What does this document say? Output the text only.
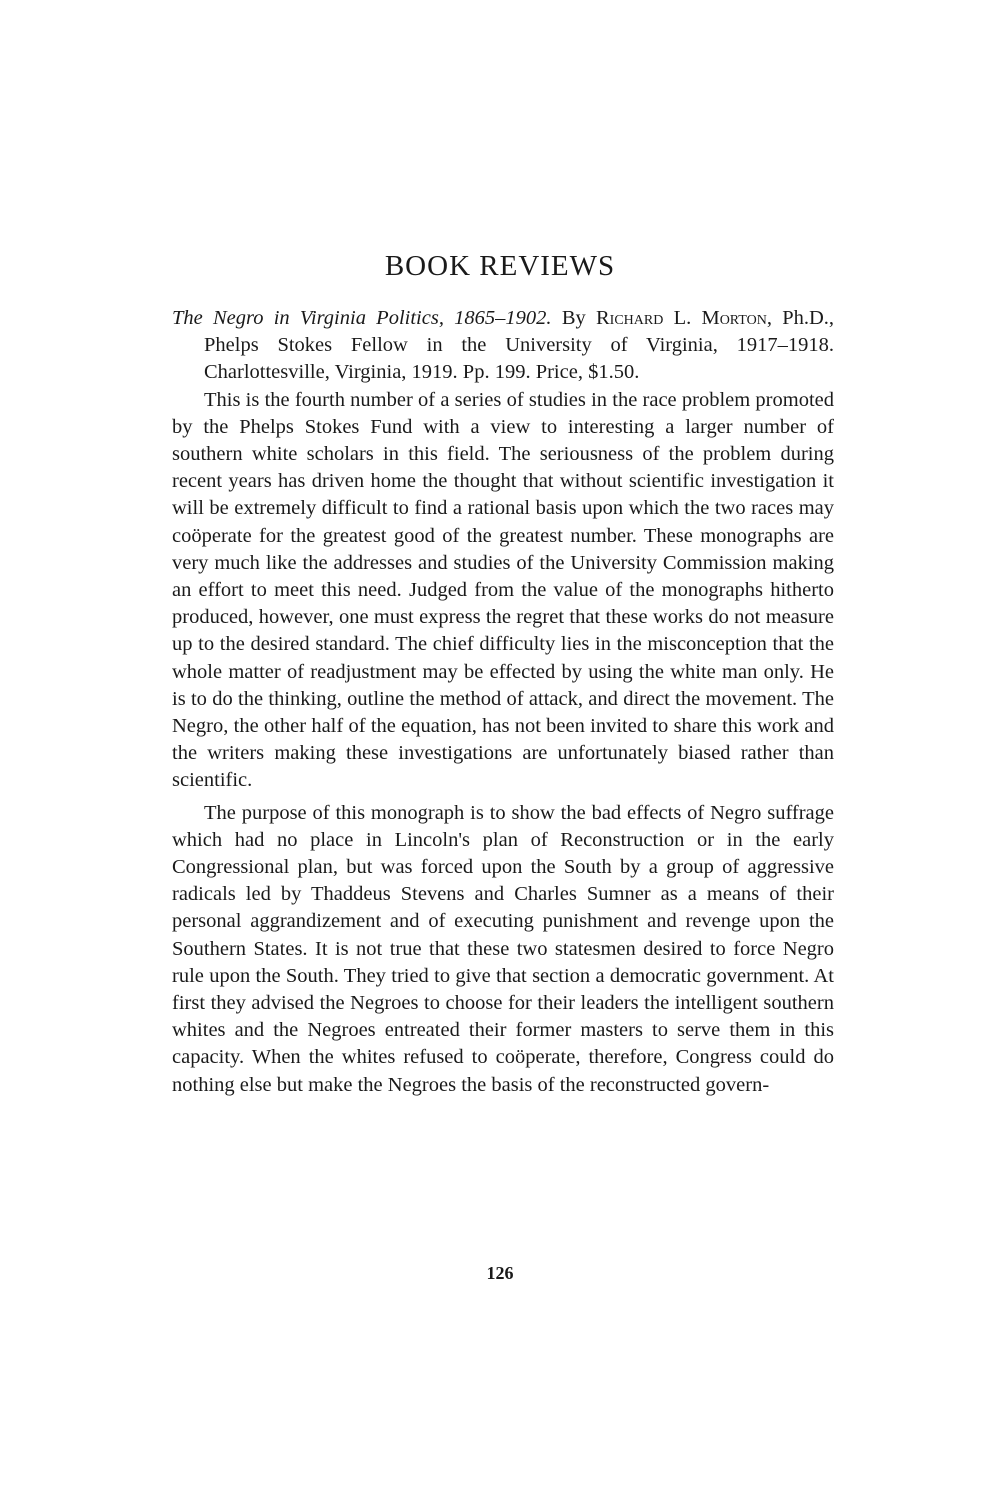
BOOK REVIEWS

The Negro in Virginia Politics, 1865–1902. By Richard L. Morton, Ph.D., Phelps Stokes Fellow in the University of Virginia, 1917–1918. Charlottesville, Virginia, 1919. Pp. 199. Price, $1.50.

This is the fourth number of a series of studies in the race problem promoted by the Phelps Stokes Fund with a view to interesting a larger number of southern white scholars in this field. The seriousness of the problem during recent years has driven home the thought that without scientific investigation it will be extremely difficult to find a rational basis upon which the two races may coöperate for the greatest good of the greatest number. These monographs are very much like the addresses and studies of the University Commission making an effort to meet this need. Judged from the value of the monographs hitherto produced, however, one must express the regret that these works do not measure up to the desired standard. The chief difficulty lies in the misconception that the whole matter of readjustment may be effected by using the white man only. He is to do the thinking, outline the method of attack, and direct the movement. The Negro, the other half of the equation, has not been invited to share this work and the writers making these investigations are unfortunately biased rather than scientific.

The purpose of this monograph is to show the bad effects of Negro suffrage which had no place in Lincoln's plan of Reconstruction or in the early Congressional plan, but was forced upon the South by a group of aggressive radicals led by Thaddeus Stevens and Charles Sumner as a means of their personal aggrandizement and of executing punishment and revenge upon the Southern States. It is not true that these two statesmen desired to force Negro rule upon the South. They tried to give that section a democratic government. At first they advised the Negroes to choose for their leaders the intelligent southern whites and the Negroes entreated their former masters to serve them in this capacity. When the whites refused to coöperate, therefore, Congress could do nothing else but make the Negroes the basis of the reconstructed govern-

126
